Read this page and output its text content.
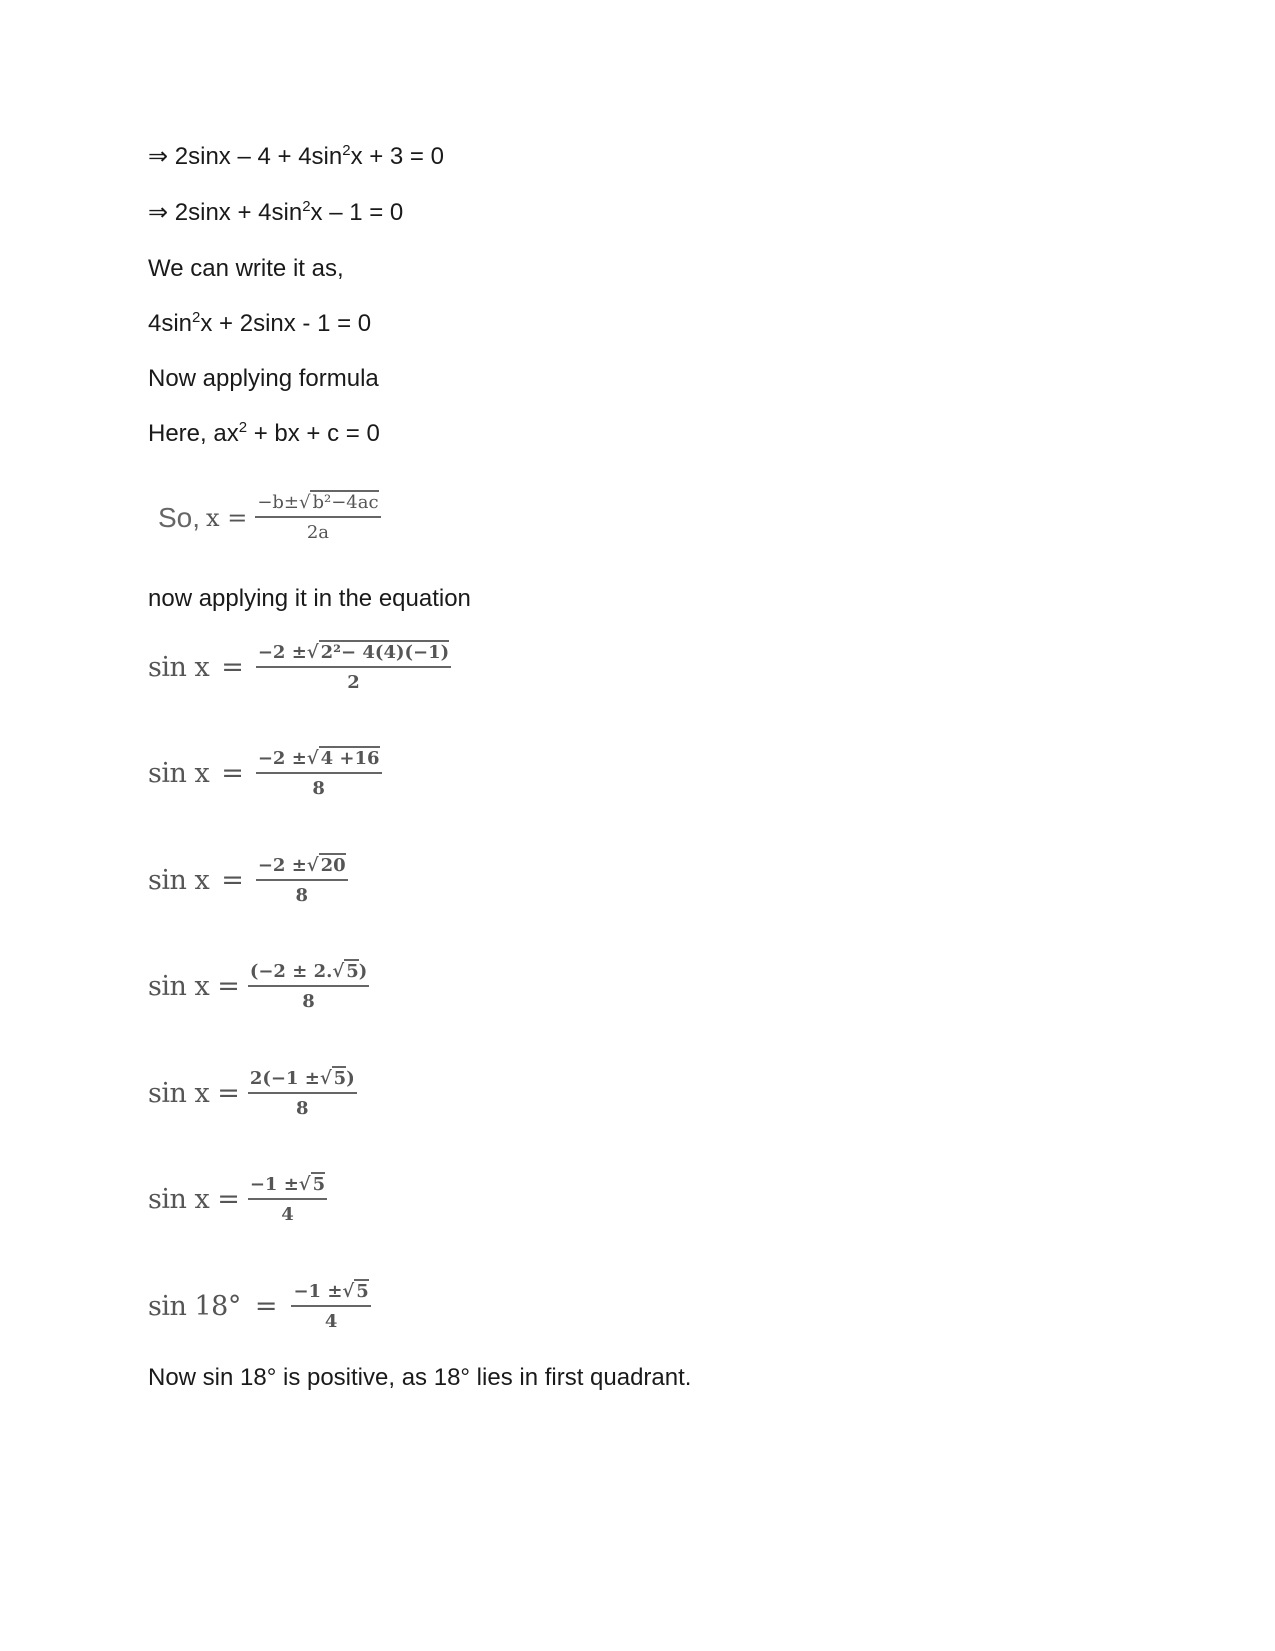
⇒ $2\sin x - 4 + 4\sin^2x + 3 = 0$
⇒ $2\sin x + 4\sin^2x - 1 = 0$
We can write it as,
$4\sin^2x + 2\sin x - 1 = 0$
Now applying formula
Here, $ax^2$ + bx + c = 0
So, $x = \frac{\text{−b±√ b²−4ac}}{2a}$
now applying it in the equation
$\sin x = \frac{\text{−2 ±√ 2²− 4(4)(−1)}}{2}$
$\sin x = \frac{-2 \pm√ 4 +16}{8}$
$\sin x = \frac{-2 \pm√ 20}{8}$
$\sin x = \frac{(-2 \pm 2.√ 5)}{8}$
$\sin x = \frac{2(-1 \pm√ 5)}{8}$
$\sin x = \frac{-1 \pm√ 5}{4}$
$\sin 18^\circ = \frac{-1 \pm√ 5}{4}$
Now sin 18° is positive, as 18° lies in first quadrant.
